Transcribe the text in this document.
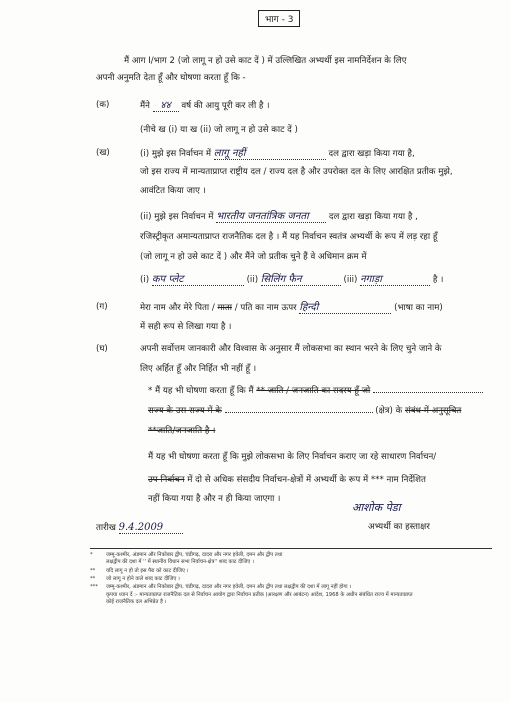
भाग - 3
मैं आग I/भाग 2 (जो लागू न हो उसे काट दें ) में उल्लिखित अभ्यर्थी इस नामनिर्देशन के लिए
अपनी अनुमति देता हूँ और घोषणा करता हूँ कि -
(क)	मैंने ४४ वर्ष की आयु पूरी कर ली है ।
(नीचे ख (i) या ख (ii) जो लागू न हो उसे काट दें )
(ख)	(i) मुझे इस निर्वाचन में लागू नहीं	दल द्वारा खड़ा किया गया है,
जो इस राज्य में मान्यताप्राप्त राष्ट्रीय दल / राज्य दल है और उपरोक्त दल के लिए आरक्षित प्रतीक मुझे,
आवंटित किया जाए ।
(ii) मुझे इस निर्वाचन में भारतीय जनतांत्रिक जनता दल द्वारा खड़ा किया गया है ,
रजिस्ट्रीकृत अमान्यताप्राप्त राजनैतिक दल है । मैं यह निर्वाचन स्वतंत्र अभ्यर्थी के रूप में लड़ रहा हूँ
(जो लागू न हो उसे काट दें ) और मैंने जो प्रतीक चुने हैं वे अधिमान क्रम में
(i) कप प्लेट	(ii) सिलिंग फैन	(iii) नगाड़ा	है ।
(ग)	मेरा नाम और मेरे पिता / माता / पति का नाम ऊपर हिन्दी	(भाषा का नाम)
में सही रूप से लिखा गया है ।
(घ)	अपनी सर्वोत्तम जानकारी और विश्वास के अनुसार मैं लोकसभा का स्थान भरने के लिए चुने जाने के
लिए अर्हित हूँ और निर्हित भी नहीं हूँ ।
* मैं यह भी घोषणा करता हूँ कि मैं ** जाति / जनजाति का सदस्य हूँ जो
राज्य के उस राज्य में के	(क्षेत्र) के संबंध में अनुसूचित
**जाति/जनजाति है ।
मैं यह भी घोषणा करता हूँ कि मुझे लोकसभा के लिए निर्वाचन कराए जा रहे साधारण निर्वाचन/
उप निर्वाचन में दो से अधिक संसदीय निर्वाचन-क्षेत्रों में अभ्यर्थी के रूप में *** नाम निर्देशित
नहीं किया गया है और न ही किया जाएगा ।
आशोक पेडा
अभ्यर्थी का हस्ताक्षर
तारीख 9.4.2009
*	जम्मू-कश्मीर, अंडमान और निकोबार द्वीप, चंडीगढ़, दादरा और नगर हवेली, दमन और द्वीप तथा
लक्षद्वीप की दशा में '' में स्थानीय विधान सभा निर्वाचन-क्षेत्र'' शब्द काट दीजिए ।
** यदि लागू न हो तो इस पैरा को काट दीजिए ।
** जो लागू न होने वाले शब्द काट दीजिए ।
*** जम्मू-कश्मीर, अंडमान और निकोबार द्वीप, चंडीगढ़, दादरा और नगर हवेली, दमन और द्वीप तथा लक्षद्वीप की दशा में लागू नहीं होगा ।
कृपया ध्यान दें :- मान्यताप्राप्त राजनैतिक दल से निर्वाचन आयोग द्वारा निर्वाचन प्रतीक (आरक्षण और आबंटन) आदेश, 1968 के अधीन संबंधित राज्य में मान्यताप्राप्त
कोई राजनैतिक दल अभिप्रेत है ।
